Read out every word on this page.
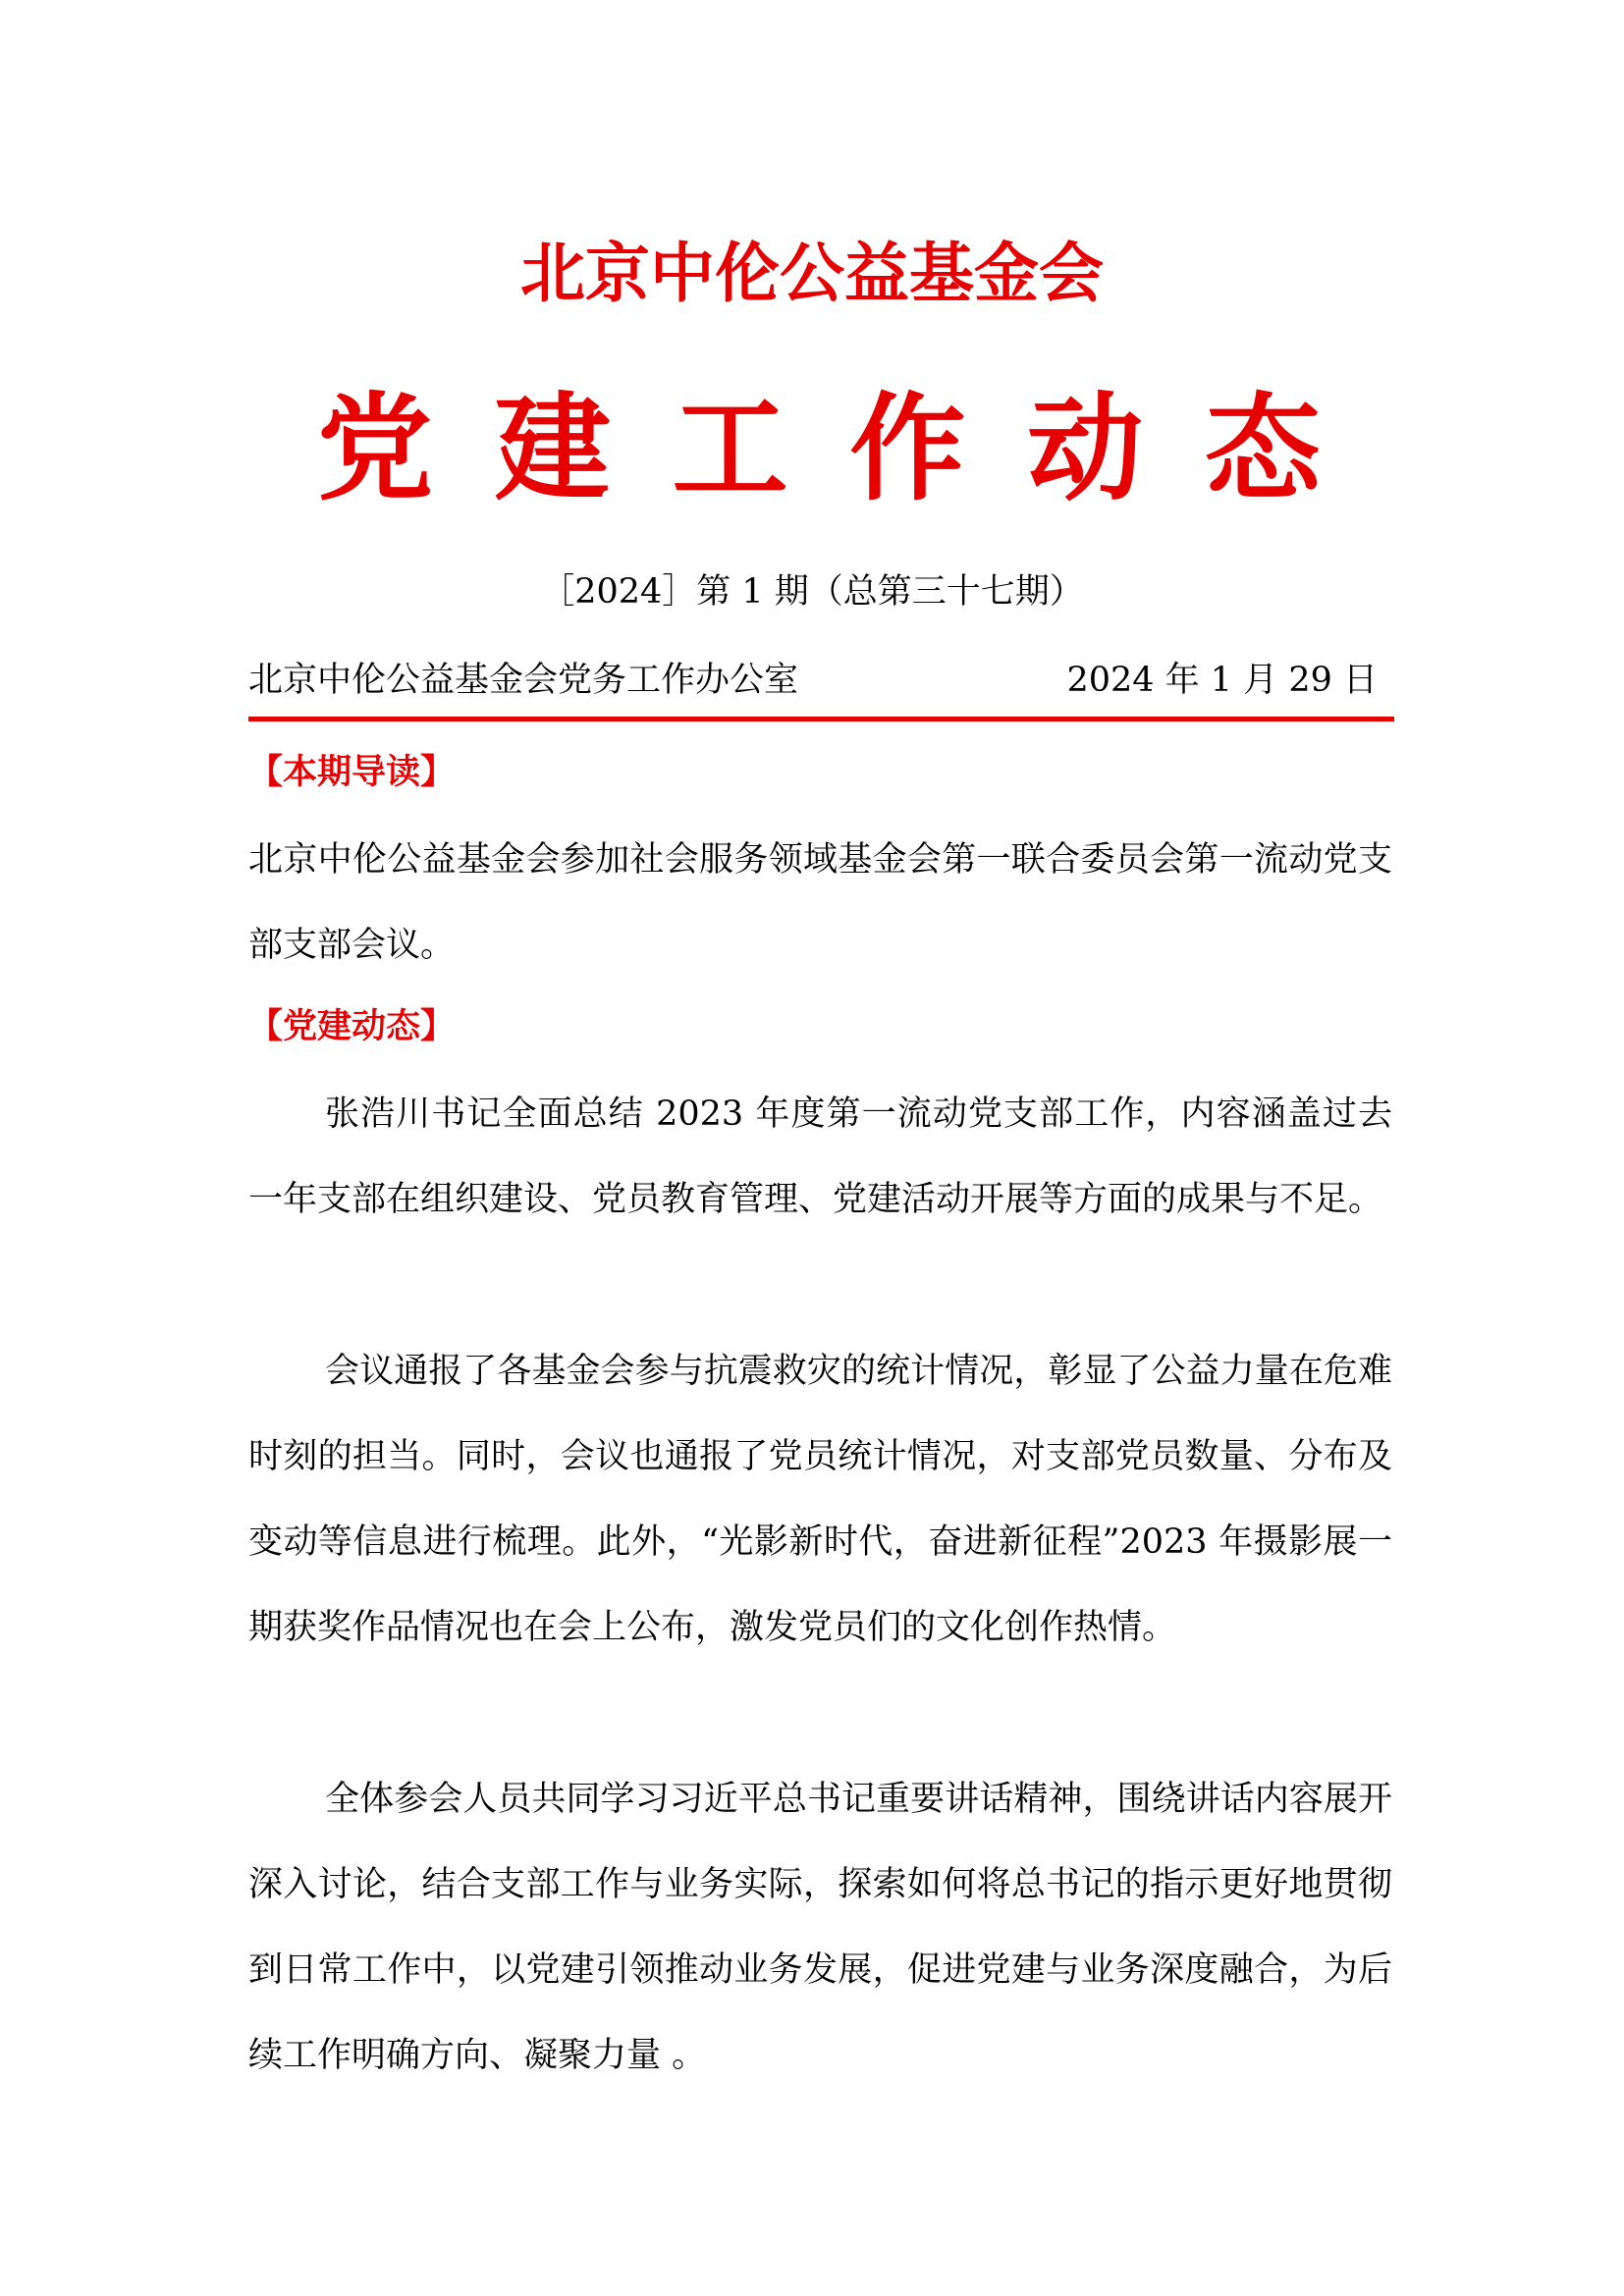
北京中伦公益基金会
党 建 工 作 动 态
［2024］第 1 期（总第三十七期）
北京中伦公益基金会党务工作办公室	2024 年 1 月 29 日
【本期导读】

北京中伦公益基金会参加社会服务领域基金会第一联合委员会第一流动党支部支部会议。

【党建动态】

张浩川书记全面总结 2023 年度第一流动党支部工作，内容涵盖过去一年支部在组织建设、党员教育管理、党建活动开展等方面的成果与不足。

会议通报了各基金会参与抗震救灾的统计情况，彰显了公益力量在危难时刻的担当。同时，会议也通报了党员统计情况，对支部党员数量、分布及变动等信息进行梳理。此外，“光影新时代，奋进新征程”2023 年摄影展一期获奖作品情况也在会上公布，激发党员们的文化创作热情。

全体参会人员共同学习习近平总书记重要讲话精神，围绕讲话内容展开深入讨论，结合支部工作与业务实际，探索如何将总书记的指示更好地贯彻到日常工作中，以党建引领推动业务发展，促进党建与业务深度融合，为后续工作明确方向、凝聚力量 。
